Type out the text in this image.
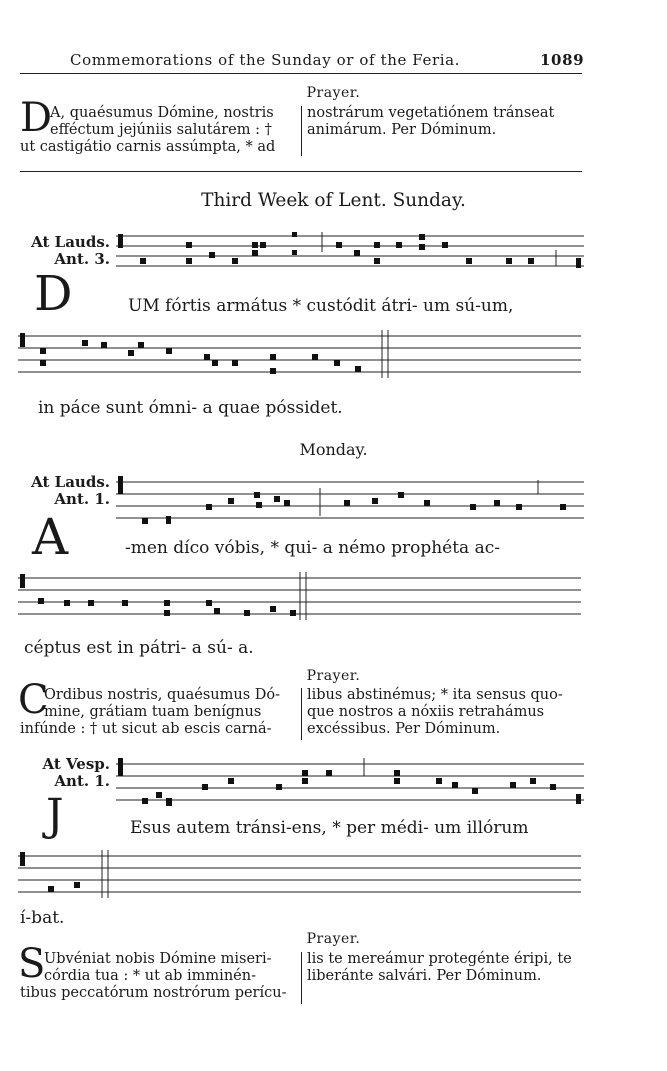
Commemorations of the Sunday or of the Feria.	1089
Prayer.
D
A, quaésumus Dómine, nostris
efféctum jejúniis salutárem : †
ut castigátio carnis assúmpta, * ad
nostrárum vegetatiónem tránseat
animárum. Per Dóminum.
Third Week of Lent. Sunday.
At Lauds.
Ant. 3.
D	UM fórtis armátus * custódit átri- um sú-um,
in páce sunt ómni- a quae póssidet.
Monday.
At Lauds.
Ant. 1.
A	-men díco vóbis, * qui- a némo prophéta ac-
céptus est in pátri- a sú- a.
Prayer.
C
Ordibus nostris, quaésumus Dó-
mine, grátiam tuam benígnus
infúnde : † ut sicut ab escis carná-
libus abstinémus; * ita sensus quo-
que nostros a nóxiis retrahámus
excéssibus. Per Dóminum.
At Vesp.
Ant. 1.
J	Esus autem tránsi-ens, * per médi- um illórum
í-bat.
Prayer.
S
Ubvéniat nobis Dómine miseri-
córdia tua : * ut ab imminén-
tibus peccatórum nostrórum perícu-
lis te mereámur protegénte éripi, te
liberánte salvári. Per Dóminum.
